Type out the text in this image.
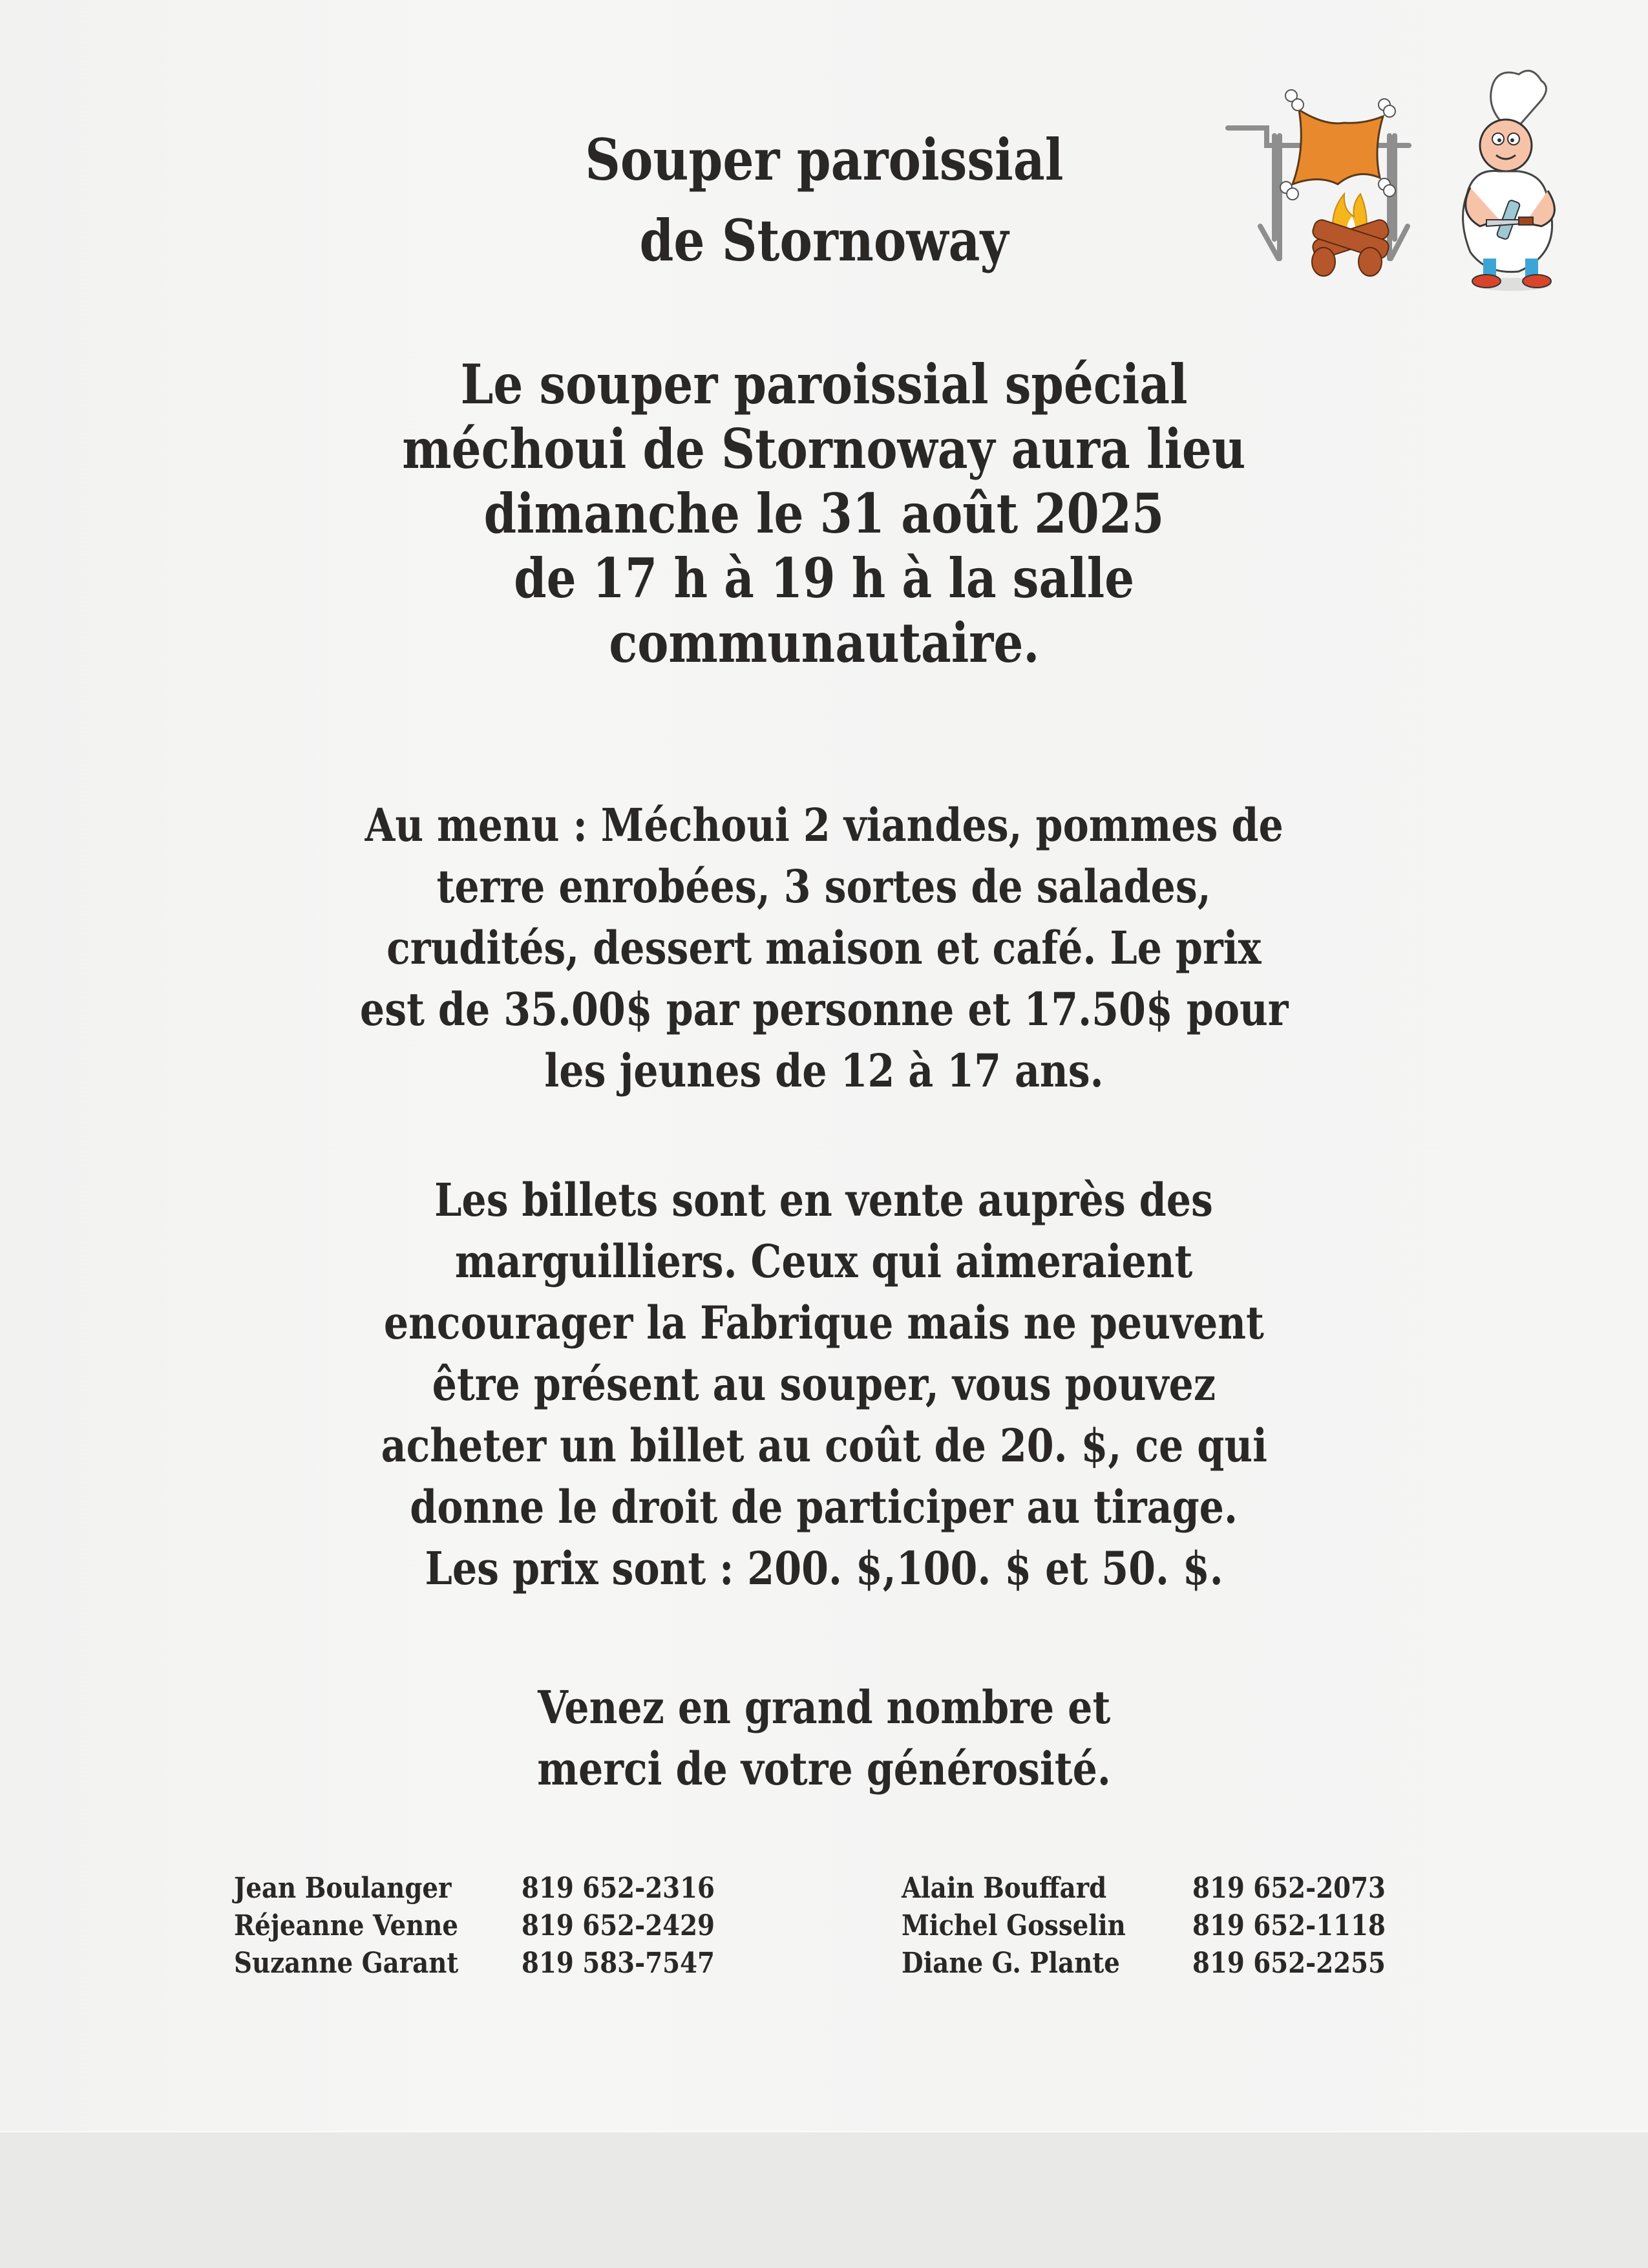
Souper paroissial
de Stornoway
Le souper paroissial spécial
méchoui de Stornoway aura lieu
dimanche le 31 août 2025
de 17 h à 19 h à la salle
communautaire.
Au menu : Méchoui 2 viandes, pommes de
terre enrobées, 3 sortes de salades,
crudités, dessert maison et café. Le prix
est de 35.00$ par personne et 17.50$ pour
les jeunes de 12 à 17 ans.
Les billets sont en vente auprès des
marguilliers. Ceux qui aimeraient
encourager la Fabrique mais ne peuvent
être présent au souper, vous pouvez
acheter un billet au coût de 20. $, ce qui
donne le droit de participer au tirage.
Les prix sont : 200. $,100. $ et 50. $.
Venez en grand nombre et
merci de votre générosité.
Jean Boulanger	819 652-2316
Réjeanne Venne	819 652-2429
Suzanne Garant	819 583-7547
Alain Bouffard	819 652-2073
Michel Gosselin	819 652-1118
Diane G. Plante	819 652-2255
